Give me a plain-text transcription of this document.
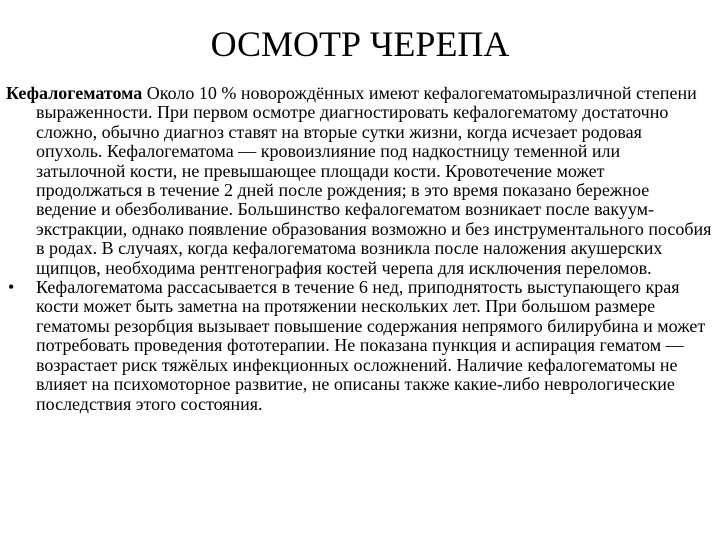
ОСМОТР ЧЕРЕПА

Кефалогематома Около 10 % новорождённых имеют кефалогематомыразличной степени выраженности. При первом осмотре диагностировать кефалогематому достаточно сложно, обычно диагноз ставят на вторые сутки жизни, когда исчезает родовая опухоль. Кефалогематома — кровоизлияние под надкостницу теменной или затылочной кости, не превышающее площади кости. Кровотечение может продолжаться в течение 2 дней после рождения; в это время показано бережное ведение и обезболивание. Большинство кефалогематом возникает после вакуум-экстракции, однако появление образования возможно и без инструментального пособия в родах. В случаях, когда кефалогематома возникла после наложения акушерских щипцов, необходима рентгенография костей черепа для исключения переломов.

•	Кефалогематома рассасывается в течение 6 нед, приподнятость выступающего края кости может быть заметна на протяжении нескольких лет. При большом размере гематомы резорбция вызывает повышение содержания непрямого билирубина и может потребовать проведения фототерапии. Не показана пункция и аспирация гематом — возрастает риск тяжёлых инфекционных осложнений. Наличие кефалогематомы не влияет на психомоторное развитие, не описаны также какие-либо неврологические последствия этого состояния.
